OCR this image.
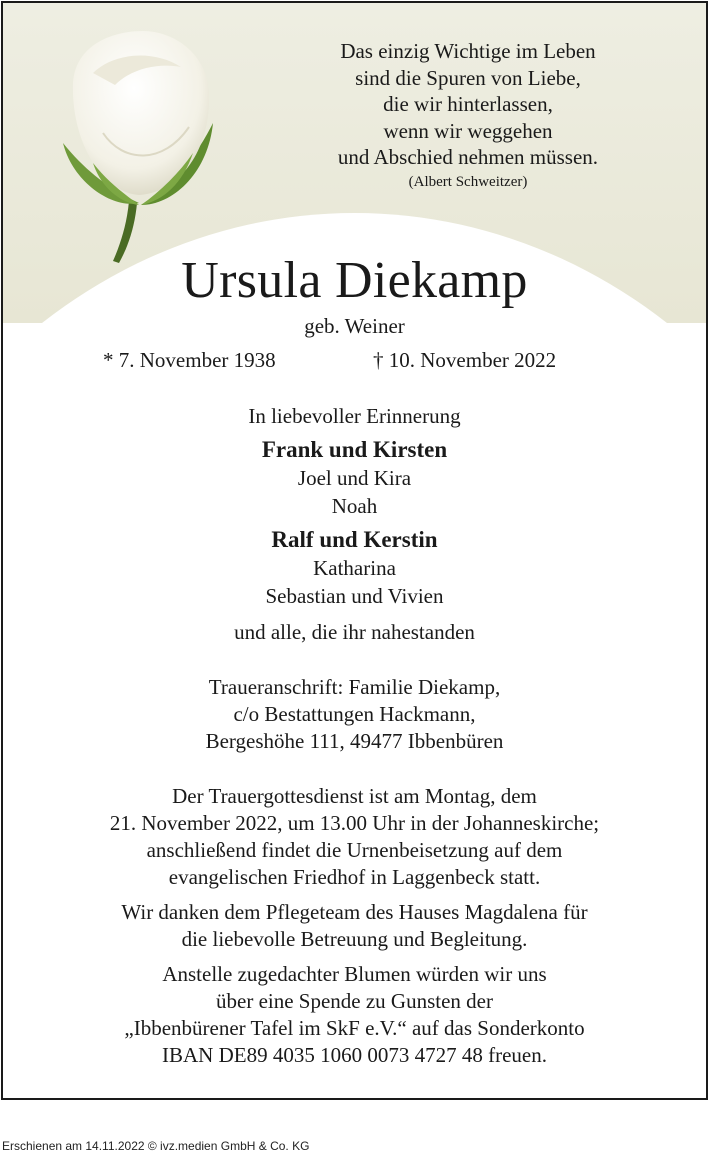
Das einzig Wichtige im Leben
sind die Spuren von Liebe,
die wir hinterlassen,
wenn wir weggehen
und Abschied nehmen müssen.
(Albert Schweitzer)
Ursula Diekamp
geb. Weiner
* 7. November 1938	† 10. November 2022
In liebevoller Erinnerung
Frank und Kirsten
Joel und Kira
Noah
Ralf und Kerstin
Katharina
Sebastian und Vivien
und alle, die ihr nahestanden
Traueranschrift: Familie Diekamp,
c/o Bestattungen Hackmann,
Bergeshöhe 111, 49477 Ibbenbüren
Der Trauergottesdienst ist am Montag, dem
21. November 2022, um 13.00 Uhr in der Johanneskirche;
anschließend findet die Urnenbeisetzung auf dem
evangelischen Friedhof in Laggenbeck statt.
Wir danken dem Pflegeteam des Hauses Magdalena für
die liebevolle Betreuung und Begleitung.
Anstelle zugedachter Blumen würden wir uns
über eine Spende zu Gunsten der
„Ibbenbürener Tafel im SkF e.V.“ auf das Sonderkonto
IBAN DE89 4035 1060 0073 4727 48 freuen.
Erschienen am 14.11.2022 © ivz.medien GmbH & Co. KG
